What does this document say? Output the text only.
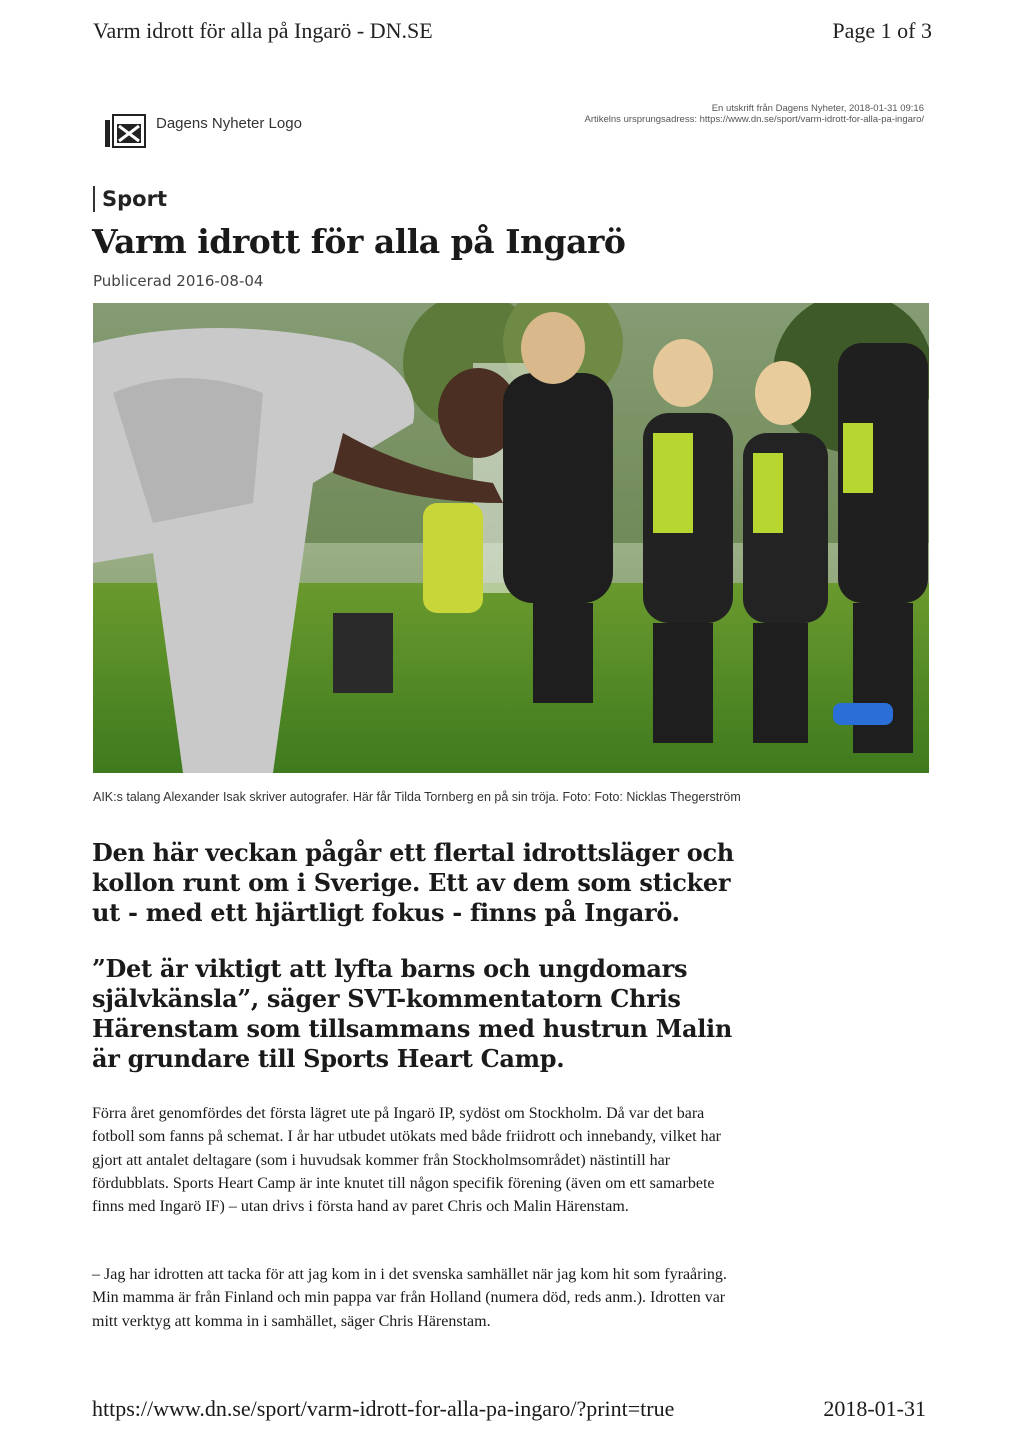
Varm idrott för alla på Ingarö - DN.SE	Page 1 of 3
Dagens Nyheter Logo
En utskrift från Dagens Nyheter, 2018-01-31 09:16
Artikelns ursprungsadress: https://www.dn.se/sport/varm-idrott-for-alla-pa-ingaro/
Sport
Varm idrott för alla på Ingarö
Publicerad 2016-08-04
AIK:s talang Alexander Isak skriver autografer. Här får Tilda Tornberg en på sin tröja. Foto: Foto: Nicklas Thegerström
Den här veckan pågår ett flertal idrottsläger och kollon runt om i Sverige. Ett av dem som sticker ut - med ett hjärtligt fokus - finns på Ingarö.
”Det är viktigt att lyfta barns och ungdomars självkänsla”, säger SVT-kommentatorn Chris Härenstam som tillsammans med hustrun Malin är grundare till Sports Heart Camp.
Förra året genomfördes det första lägret ute på Ingarö IP, sydöst om Stockholm. Då var det bara fotboll som fanns på schemat. I år har utbudet utökats med både friidrott och innebandy, vilket har gjort att antalet deltagare (som i huvudsak kommer från Stockholmsområdet) nästintill har fördubblats. Sports Heart Camp är inte knutet till någon specifik förening (även om ett samarbete finns med Ingarö IF) – utan drivs i första hand av paret Chris och Malin Härenstam.
– Jag har idrotten att tacka för att jag kom in i det svenska samhället när jag kom hit som fyraåring. Min mamma är från Finland och min pappa var från Holland (numera död, reds anm.). Idrotten var mitt verktyg att komma in i samhället, säger Chris Härenstam.
https://www.dn.se/sport/varm-idrott-for-alla-pa-ingaro/?print=true	2018-01-31
